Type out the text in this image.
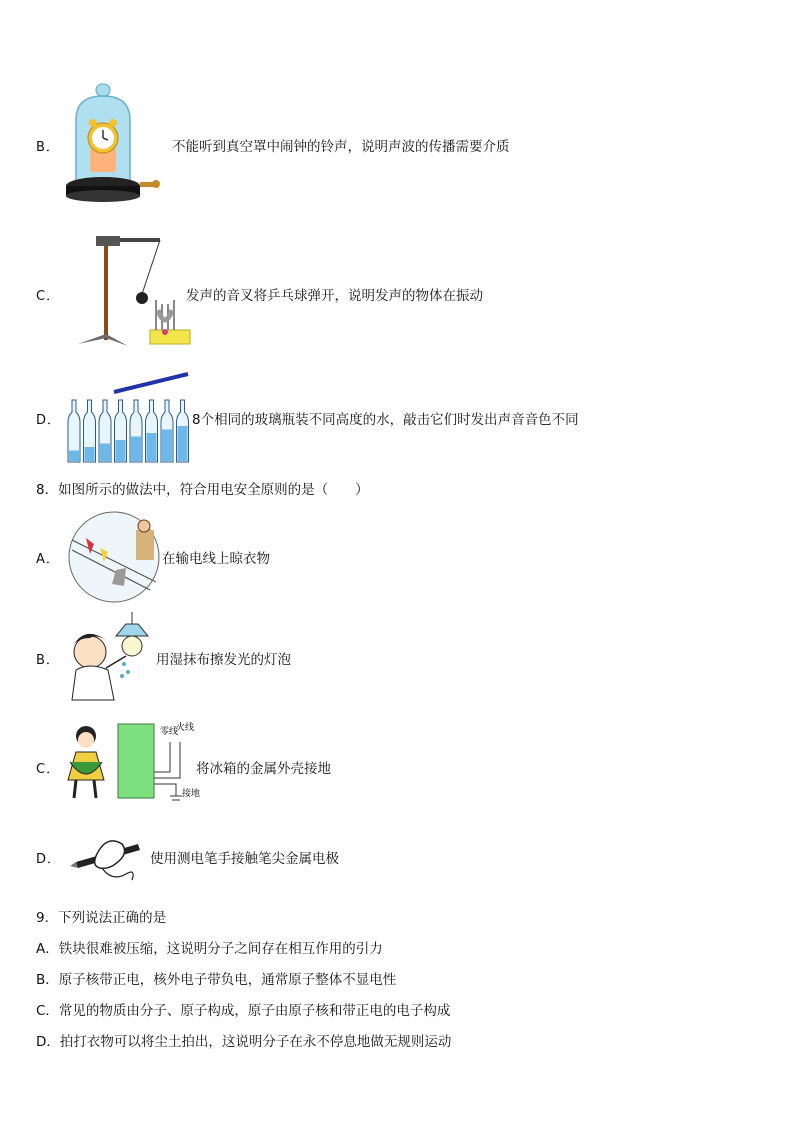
B．	不能听到真空罩中闹钟的铃声，说明声波的传播需要介质
C．	发声的音叉将乒乓球弹开，说明发声的物体在振动
D．	8个相同的玻璃瓶装不同高度的水，敲击它们时发出声音音色不同
8．如图所示的做法中，符合用电安全原则的是（　　）
A．	在输电线上晾衣物
B．	用湿抹布擦发光的灯泡
C．
零线
火线
接地
将冰箱的金属外壳接地
D．	使用测电笔手接触笔尖金属电极
9．下列说法正确的是
A．铁块很难被压缩，这说明分子之间存在相互作用的引力
B．原子核带正电，核外电子带负电，通常原子整体不显电性
C．常见的物质由分子、原子构成，原子由原子核和带正电的电子构成
D．拍打衣物可以将尘土拍出，这说明分子在永不停息地做无规则运动
